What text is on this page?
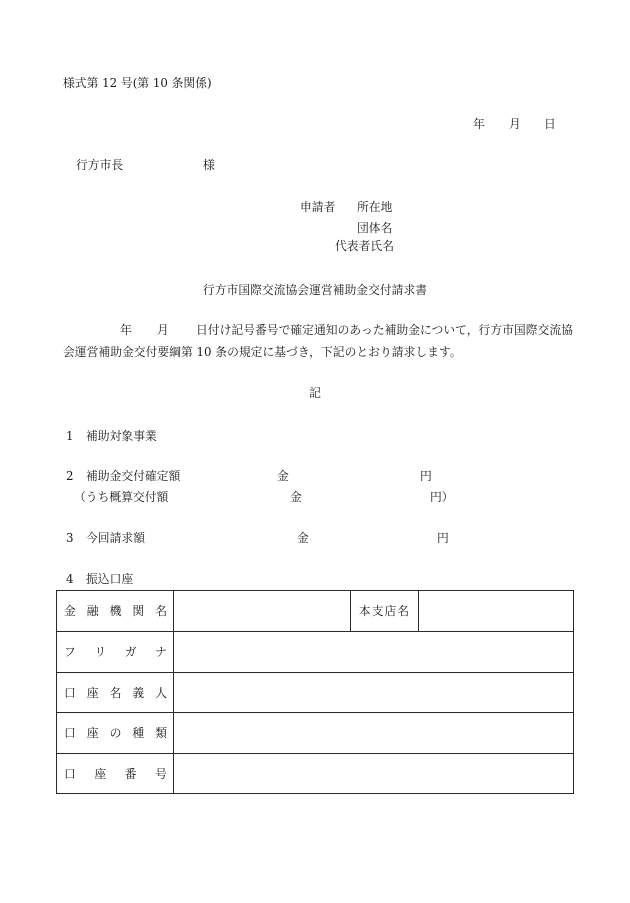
様式第 12 号(第 10 条関係)
年 月 日
行方市長	様
申請者 所在地
団体名
代表者氏名
行方市国際交流協会運営補助金交付請求書
年 月 日付け記号番号で確定通知のあった補助金について，行方市国際交流協
会運営補助金交付要綱第 10 条の規定に基づき，下記のとおり請求します。
記
1 補助対象事業
2 補助金交付確定額	金	円
（うち概算交付額	金	円）
3 今回請求額	金	円
4 振込口座
金 融 機 関 名		本支店名	

フ リ ガ ナ			

口 座 名 義 人			

口 座 の 種 類			

口 座 番 号			
